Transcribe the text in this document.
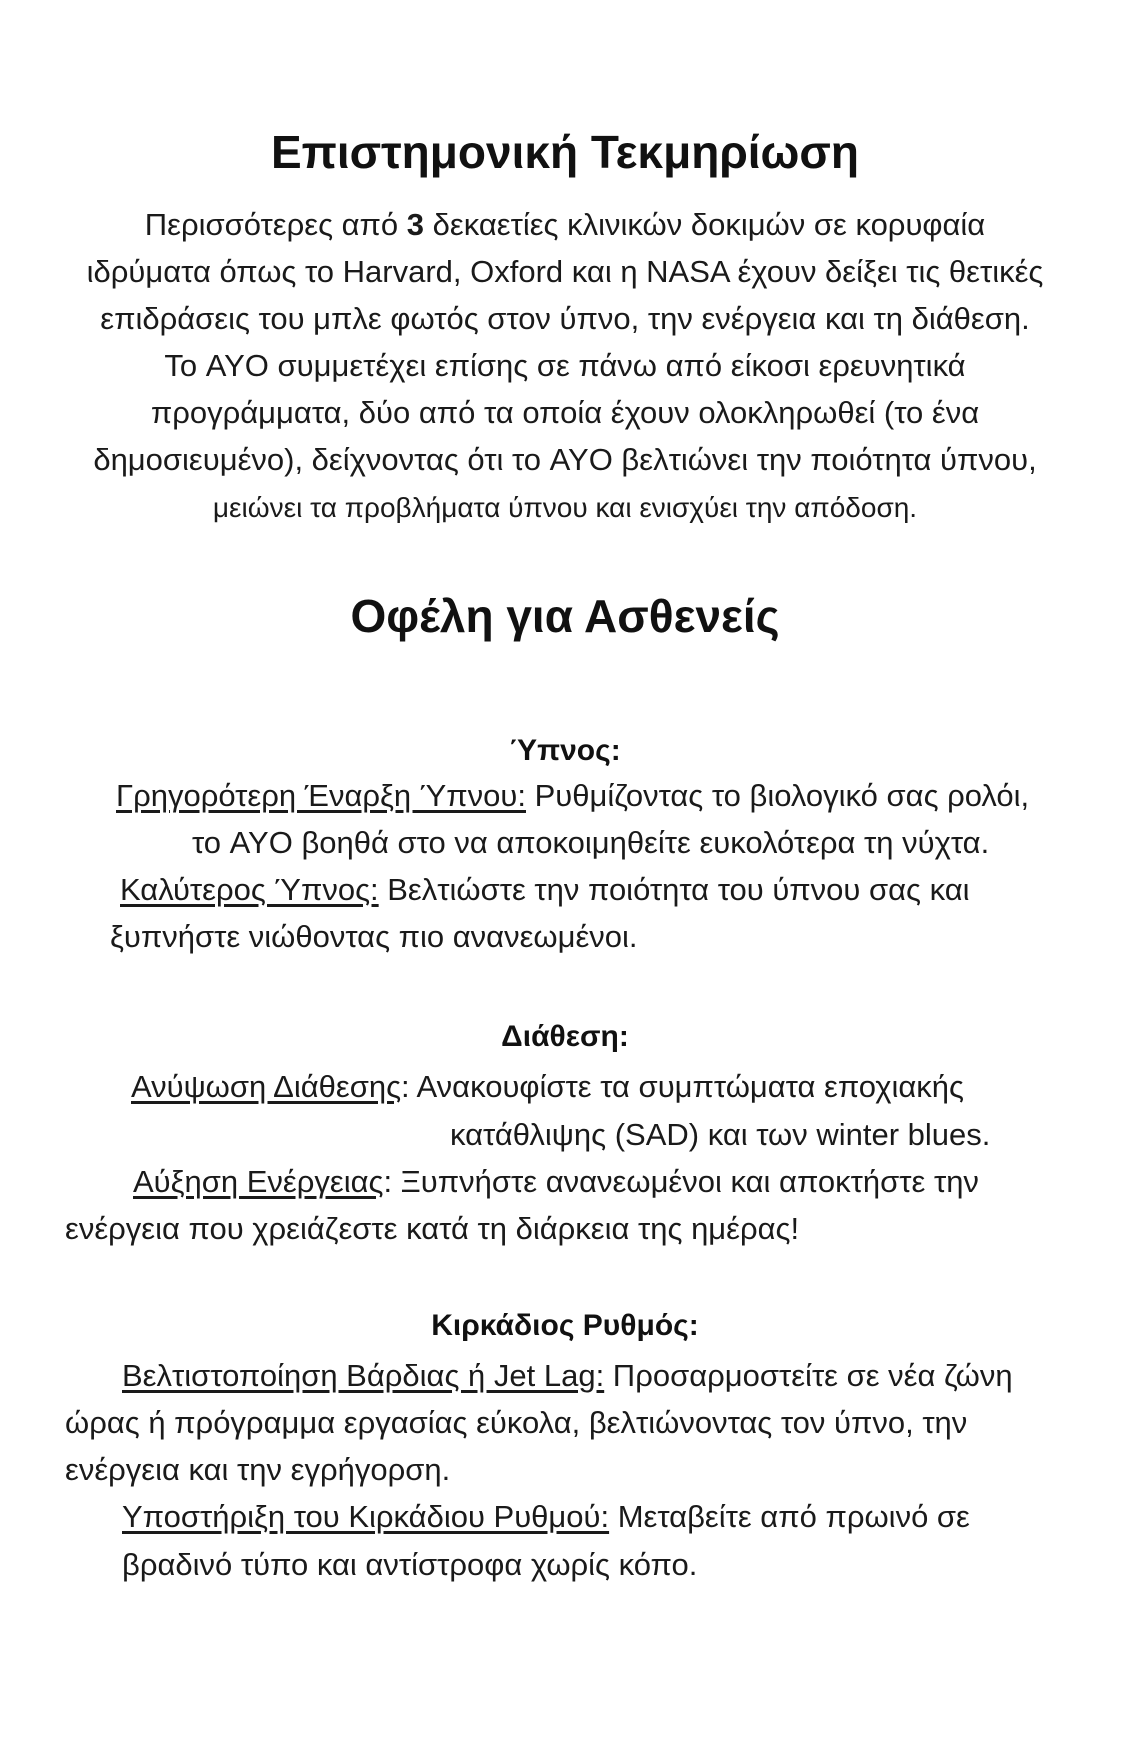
Επιστημονική Τεκμηρίωση
Περισσότερες από 3 δεκαετίες κλινικών δοκιμών σε κορυφαία
ιδρύματα όπως το Harvard, Oxford και η NASA έχουν δείξει τις θετικές
επιδράσεις του μπλε φωτός στον ύπνο, την ενέργεια και τη διάθεση.
Το AYO συμμετέχει επίσης σε πάνω από είκοσι ερευνητικά
προγράμματα, δύο από τα οποία έχουν ολοκληρωθεί (το ένα
δημοσιευμένο), δείχνοντας ότι το AYO βελτιώνει την ποιότητα ύπνου,
μειώνει τα προβλήματα ύπνου και ενισχύει την απόδοση.
Οφέλη για Ασθενείς
Ύπνος:
Γρηγορότερη Έναρξη Ύπνου: Ρυθμίζοντας το βιολογικό σας ρολόι,
το AYO βοηθά στο να αποκοιμηθείτε ευκολότερα τη νύχτα.
Καλύτερος Ύπνος: Βελτιώστε την ποιότητα του ύπνου σας και
ξυπνήστε νιώθοντας πιο ανανεωμένοι.
Διάθεση:
Ανύψωση Διάθεσης: Ανακουφίστε τα συμπτώματα εποχιακής
κατάθλιψης (SAD) και των winter blues.
Αύξηση Ενέργειας: Ξυπνήστε ανανεωμένοι και αποκτήστε την
ενέργεια που χρειάζεστε κατά τη διάρκεια της ημέρας!
Κιρκάδιος Ρυθμός:
Βελτιστοποίηση Βάρδιας ή Jet Lag: Προσαρμοστείτε σε νέα ζώνη
ώρας ή πρόγραμμα εργασίας εύκολα, βελτιώνοντας τον ύπνο, την
ενέργεια και την εγρήγορση.
Υποστήριξη του Κιρκάδιου Ρυθμού: Μεταβείτε από πρωινό σε
βραδινό τύπο και αντίστροφα χωρίς κόπο.
